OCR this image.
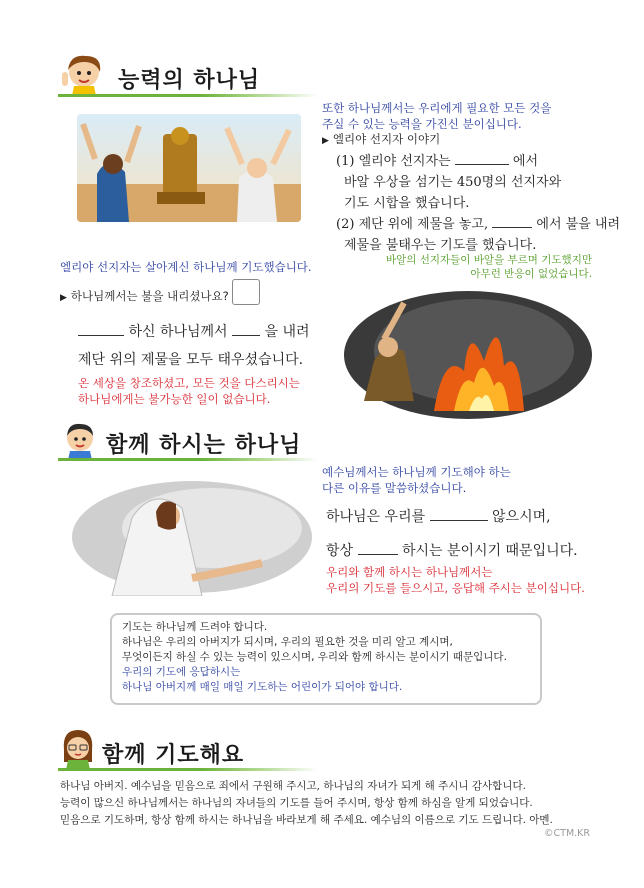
능력의 하나님
또한 하나님께서는 우리에게 필요한 모든 것을
주실 수 있는 능력을 가진신 분이십니다.
▶ 엘리야 선지자 이야기
(1) 엘리야 선지자는	에서
바알 우상을 섬기는 450명의 선지자와
기도 시합을 했습니다.
(2) 제단 위에 제물을 놓고,	에서 불을 내려
제물을 불태우는 기도를 했습니다.
바알의 선지자들이 바알을 부르며 기도했지만
아무런 반응이 없었습니다.
엘리야 선지자는 살아계신 하나님께 기도했습니다.
▶ 하나님께서는 불을 내리셨나요?
하신 하나님께서	을 내려
제단 위의 제물을 모두 태우셨습니다.
온 세상을 창조하셨고, 모든 것을 다스리시는
하나님에게는 불가능한 일이 없습니다.
함께 하시는 하나님
예수님께서는 하나님께 기도해야 하는
다른 이유를 말씀하셨습니다.
하나님은 우리를	않으시며,
항상	하시는 분이시기 때문입니다.
우리와 함께 하시는 하나님께서는
우리의 기도를 들으시고, 응답해 주시는 분이십니다.
기도는 하나님께 드려야 합니다.
하나님은 우리의 아버지가 되시며, 우리의 필요한 것을 미리 알고 계시며,
무엇이든지 하실 수 있는 능력이 있으시며, 우리와 함께 하시는 분이시기 때문입니다.
우리의 기도에 응답하시는
하나님 아버지께 매일 매일 기도하는 어린이가 되어야 합니다.
함께 기도해요
하나님 아버지. 예수님을 믿음으로 죄에서 구원해 주시고, 하나님의 자녀가 되게 해 주시니 감사합니다.
능력이 많으신 하나님께서는 하나님의 자녀들의 기도를 들어 주시며, 항상 함께 하심을 알게 되었습니다.
믿음으로 기도하며, 항상 함께 하시는 하나님을 바라보게 해 주세요. 예수님의 이름으로 기도 드립니다. 아멘.
©CTM.KR
